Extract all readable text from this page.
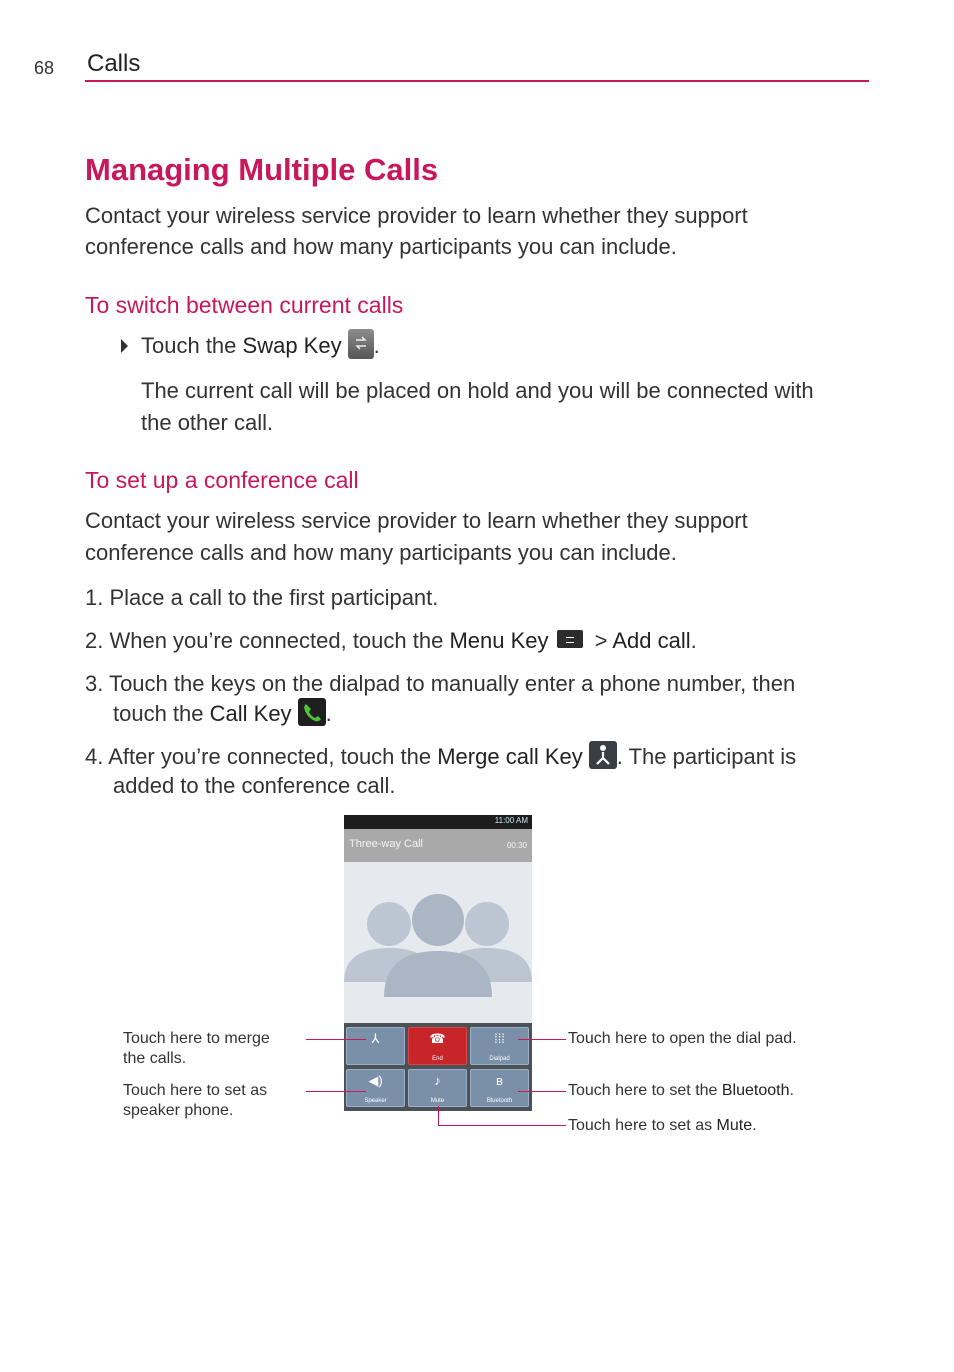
68 Calls
Managing Multiple Calls
Contact your wireless service provider to learn whether they support
conference calls and how many participants you can include.
To switch between current calls
Touch the Swap Key .
The current call will be placed on hold and you will be connected with
the other call.
To set up a conference call
Contact your wireless service provider to learn whether they support
conference calls and how many participants you can include.
1. Place a call to the first participant.
2. When you’re connected, touch the Menu Key > Add call.
3. Touch the keys on the dialpad to manually enter a phone number, then
touch the Call Key .
4. After you’re connected, touch the Merge call Key . The participant is
added to the conference call.
11:00 AM
Three-way Call	00:30
⅄	☎
End
⁞⁞⁞
Dialpad
◀)
Speaker
♪
Mute
ʙ
Bluetooth
Touch here to merge
the calls.
Touch here to set as
speaker phone.
Touch here to open the dial pad.
Touch here to set the Bluetooth.
Touch here to set as Mute.
